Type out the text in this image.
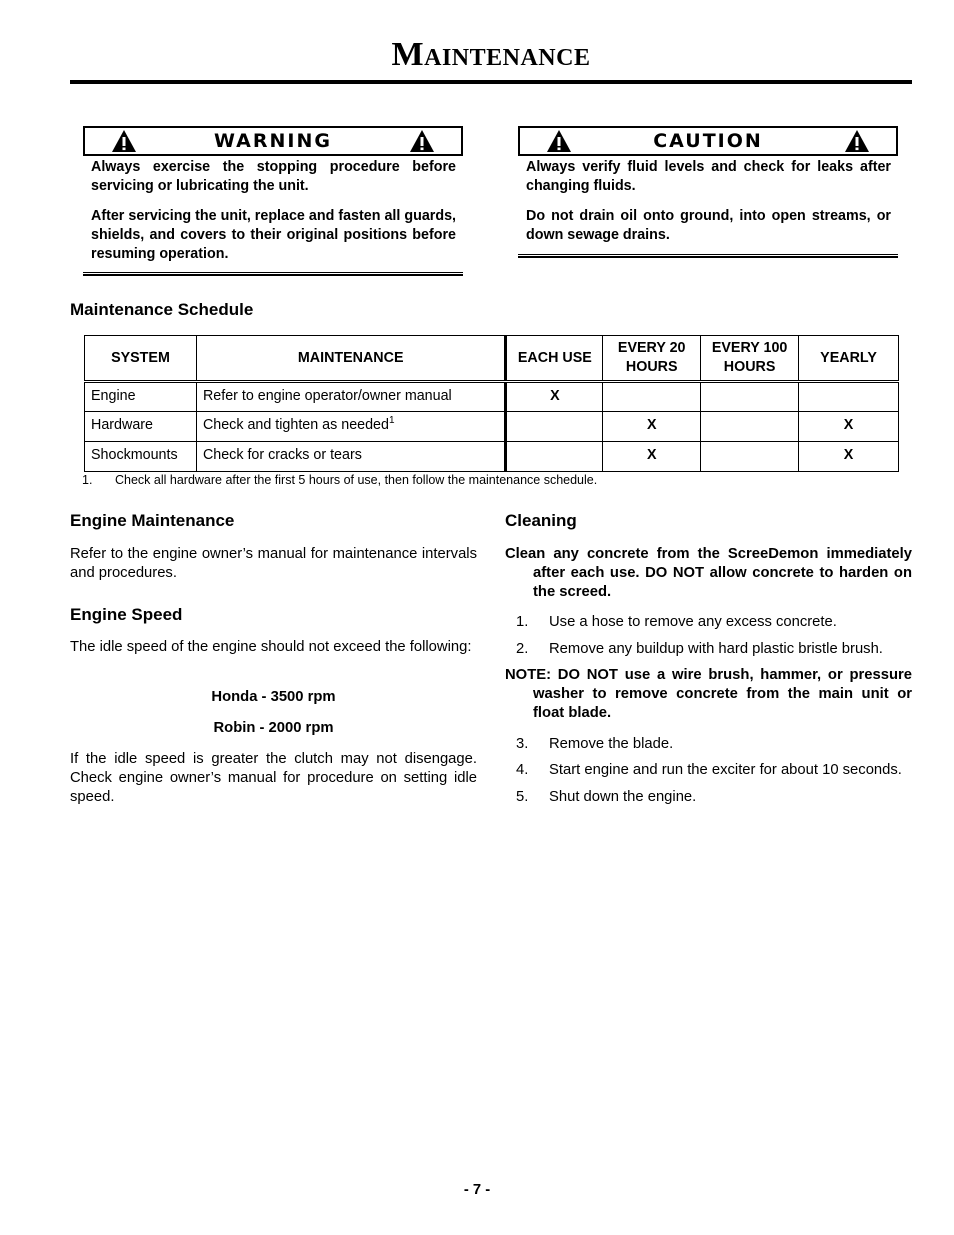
Maintenance
WARNING

Always exercise the stopping procedure before servicing or lubricating the unit.

After servicing the unit, replace and fasten all guards, shields, and covers to their original positions before resuming operation.

CAUTION

Always verify fluid levels and check for leaks after changing fluids.

Do not drain oil onto ground, into open streams, or down sewage drains.

Maintenance Schedule
SYSTEM	MAINTENANCE	EACH USE	EVERY 20 HOURS	EVERY 100 HOURS	YEARLY
Engine	Refer to engine operator/owner manual	X			
Hardware	Check and tighten as needed$^1$		X		X
Shockmounts	Check for cracks or tears		X		X
1. Check all hardware after the first 5 hours of use, then follow the maintenance schedule.
Engine Maintenance
Refer to the engine owner’s manual for maintenance intervals and procedures.
Engine Speed
The idle speed of the engine should not exceed the following:
Honda - 3500 rpm
Robin - 2000 rpm
If the idle speed is greater the clutch may not disengage. Check engine owner’s manual for procedure on setting idle speed.
Cleaning
Clean any concrete from the ScreeDemon immediately after each use. DO NOT allow concrete to harden on the screed.
1. Use a hose to remove any excess concrete.
2. Remove any buildup with hard plastic bristle brush.
NOTE: DO NOT use a wire brush, hammer, or pressure washer to remove concrete from the main unit or float blade.
3. Remove the blade.
4. Start engine and run the exciter for about 10 seconds.
5. Shut down the engine.
- 7 -
